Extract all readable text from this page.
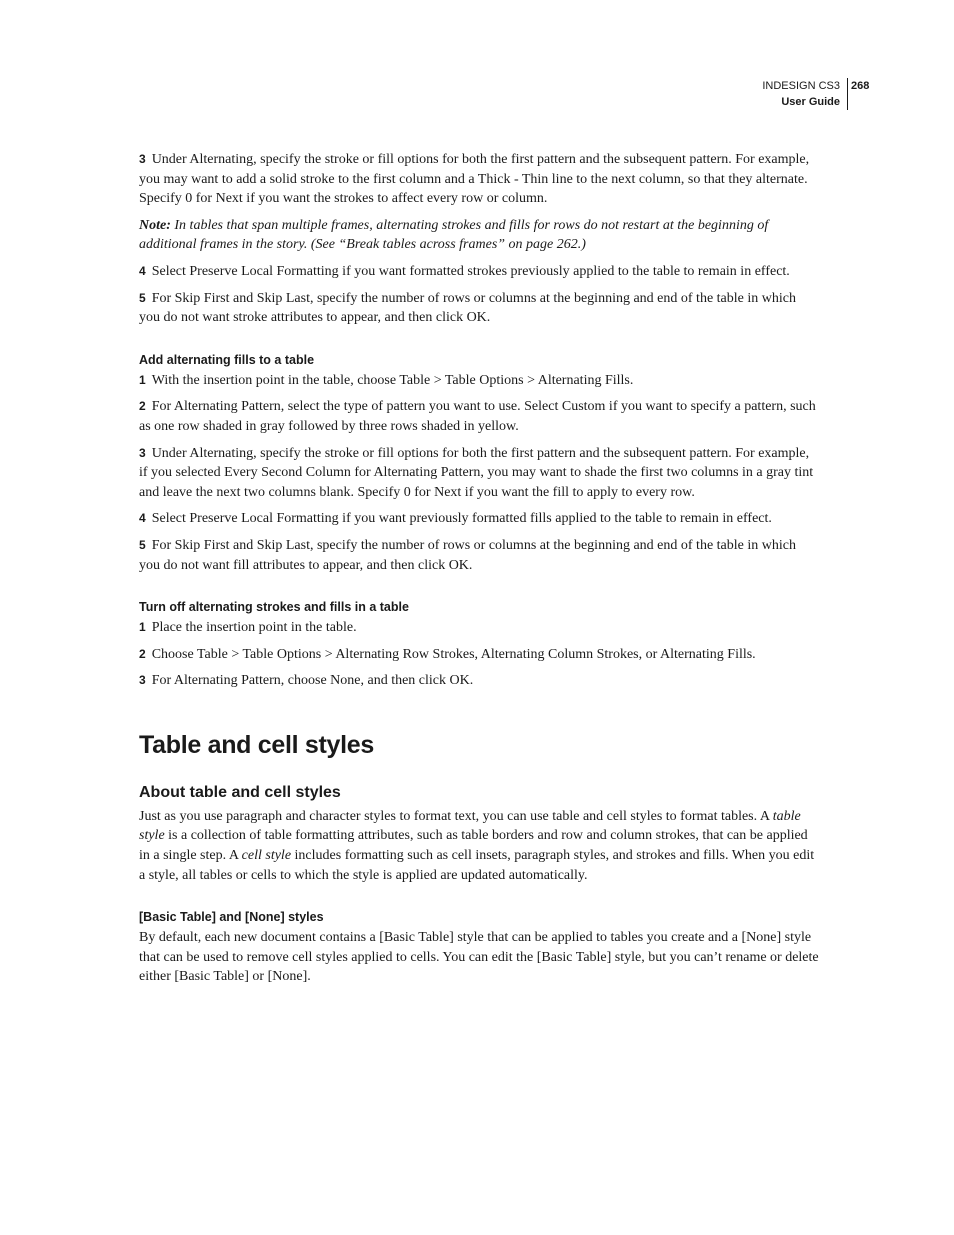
INDESIGN CS3
User Guide
268

3 Under Alternating, specify the stroke or fill options for both the first pattern and the subsequent pattern. For example, you may want to add a solid stroke to the first column and a Thick - Thin line to the next column, so that they alternate. Specify 0 for Next if you want the strokes to affect every row or column.

Note: In tables that span multiple frames, alternating strokes and fills for rows do not restart at the beginning of additional frames in the story. (See “Break tables across frames” on page 262.)

4 Select Preserve Local Formatting if you want formatted strokes previously applied to the table to remain in effect.

5 For Skip First and Skip Last, specify the number of rows or columns at the beginning and end of the table in which you do not want stroke attributes to appear, and then click OK.

Add alternating fills to a table

1 With the insertion point in the table, choose Table > Table Options > Alternating Fills.

2 For Alternating Pattern, select the type of pattern you want to use. Select Custom if you want to specify a pattern, such as one row shaded in gray followed by three rows shaded in yellow.

3 Under Alternating, specify the stroke or fill options for both the first pattern and the subsequent pattern. For example, if you selected Every Second Column for Alternating Pattern, you may want to shade the first two columns in a gray tint and leave the next two columns blank. Specify 0 for Next if you want the fill to apply to every row.

4 Select Preserve Local Formatting if you want previously formatted fills applied to the table to remain in effect.

5 For Skip First and Skip Last, specify the number of rows or columns at the beginning and end of the table in which you do not want fill attributes to appear, and then click OK.

Turn off alternating strokes and fills in a table

1 Place the insertion point in the table.

2 Choose Table > Table Options > Alternating Row Strokes, Alternating Column Strokes, or Alternating Fills.

3 For Alternating Pattern, choose None, and then click OK.

Table and cell styles
About table and cell styles

Just as you use paragraph and character styles to format text, you can use table and cell styles to format tables. A table style is a collection of table formatting attributes, such as table borders and row and column strokes, that can be applied in a single step. A cell style includes formatting such as cell insets, paragraph styles, and strokes and fills. When you edit a style, all tables or cells to which the style is applied are updated automatically.

[Basic Table] and [None] styles

By default, each new document contains a [Basic Table] style that can be applied to tables you create and a [None] style that can be used to remove cell styles applied to cells. You can edit the [Basic Table] style, but you can’t rename or delete either [Basic Table] or [None].
